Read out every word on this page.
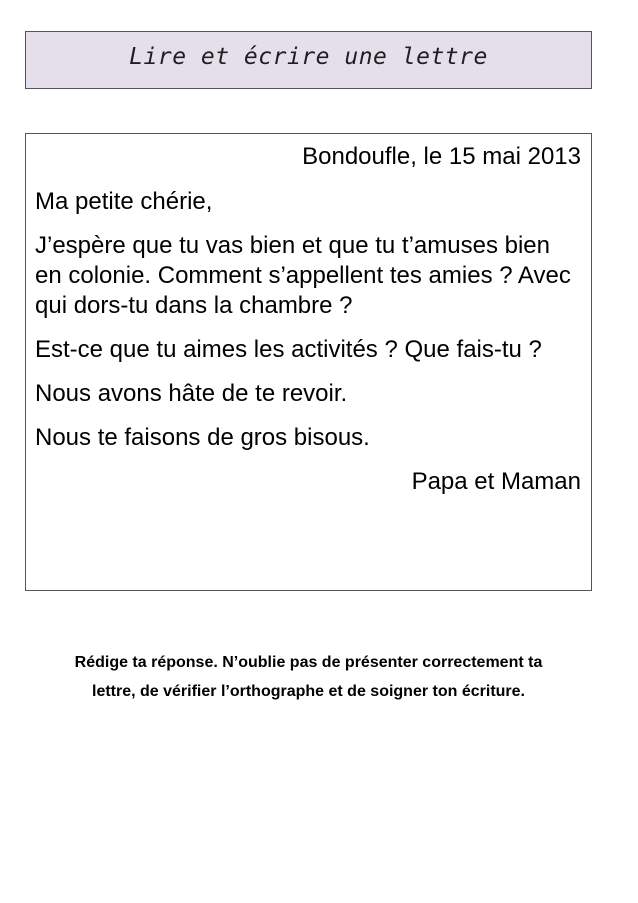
Lire et écrire une lettre

Bondoufle, le 15 mai 2013

Ma petite chérie,

J’espère que tu vas bien et que tu t’amuses bien en colonie. Comment s’appellent tes amies ? Avec qui dors-tu dans la chambre ?

Est-ce que tu aimes les activités ? Que fais-tu ?

Nous avons hâte de te revoir.

Nous te faisons de gros bisous.

Papa et Maman

Rédige ta réponse. N’oublie pas de présenter correctement ta
lettre, de vérifier l’orthographe et de soigner ton écriture.
